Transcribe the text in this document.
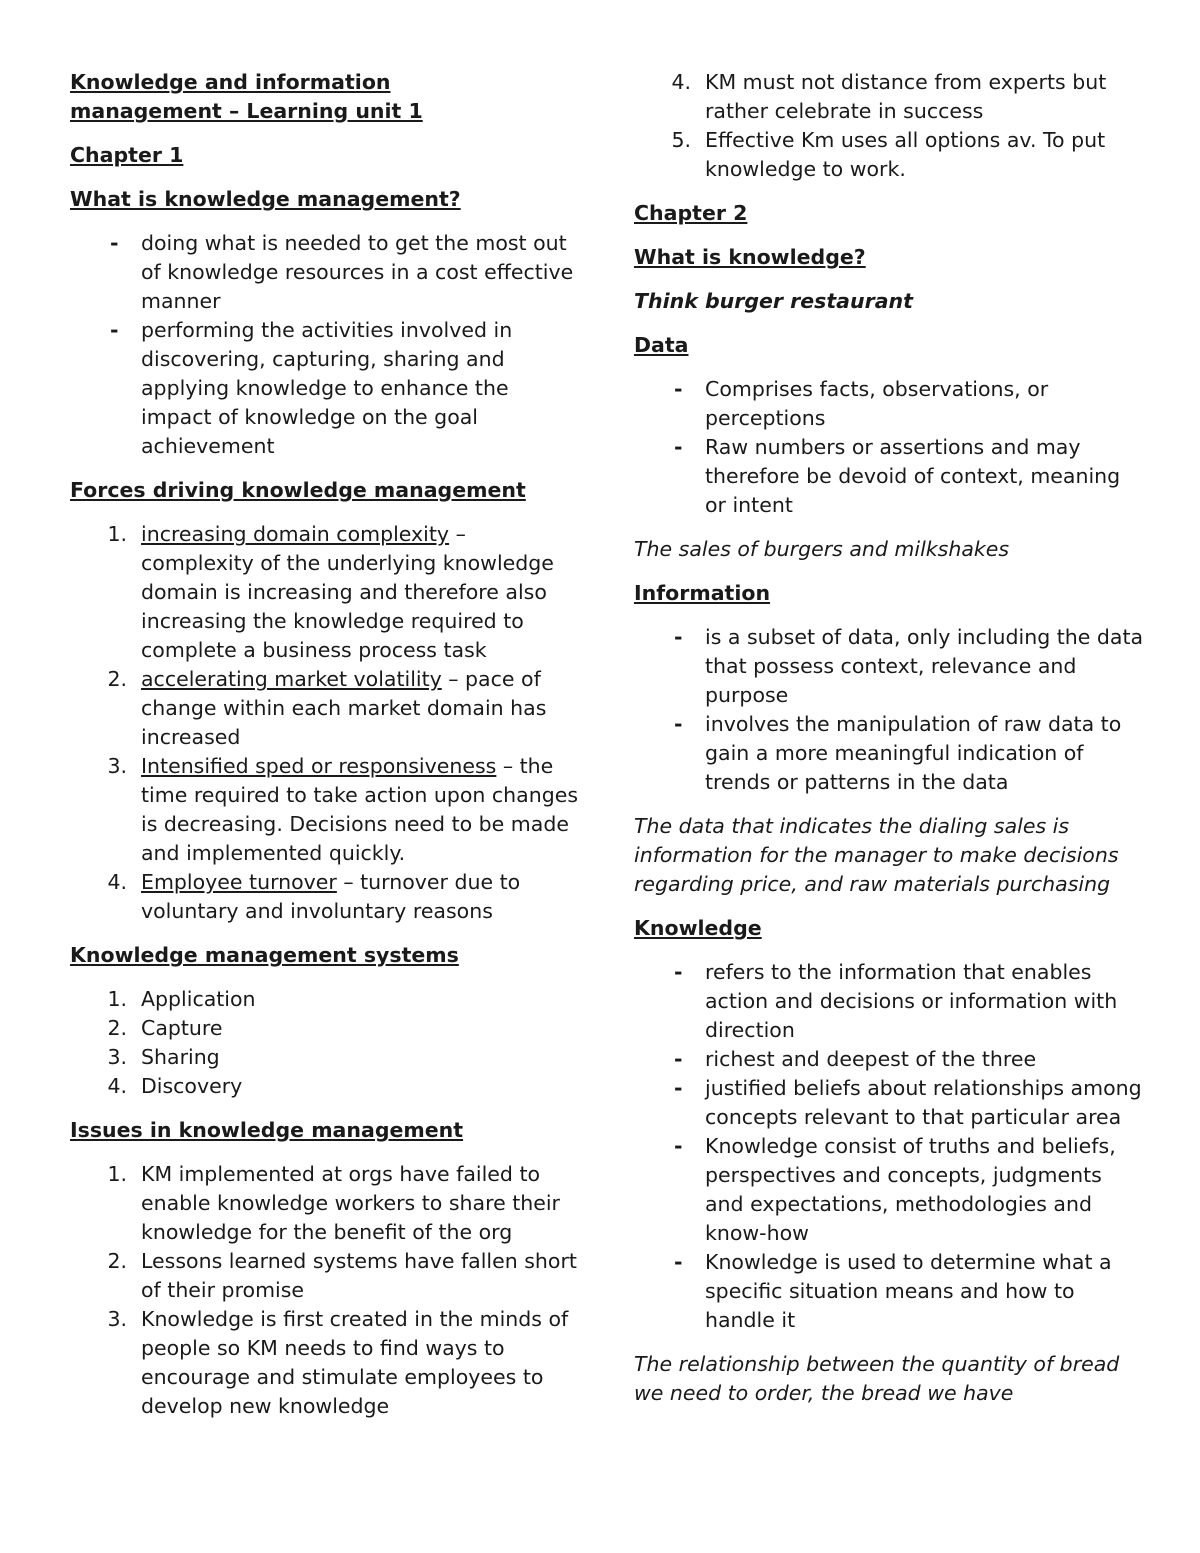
Knowledge and information
management – Learning unit 1
Chapter 1
What is knowledge management?
- doing what is needed to get the most out of knowledge resources in a cost effective manner
- performing the activities involved in discovering, capturing, sharing and applying knowledge to enhance the impact of knowledge on the goal achievement
Forces driving knowledge management
1. increasing domain complexity – complexity of the underlying knowledge domain is increasing and therefore also increasing the knowledge required to complete a business process task
2. accelerating market volatility – pace of change within each market domain has increased
3. Intensified sped or responsiveness – the time required to take action upon changes is decreasing. Decisions need to be made and implemented quickly.
4. Employee turnover – turnover due to voluntary and involuntary reasons
Knowledge management systems
1. Application
2. Capture
3. Sharing
4. Discovery
Issues in knowledge management
1. KM implemented at orgs have failed to enable knowledge workers to share their knowledge for the benefit of the org
2. Lessons learned systems have fallen short of their promise
3. Knowledge is first created in the minds of people so KM needs to find ways to encourage and stimulate employees to develop new knowledge
4. KM must not distance from experts but rather celebrate in success
5. Effective Km uses all options av. To put knowledge to work.
Chapter 2
What is knowledge?
Think burger restaurant
Data
- Comprises facts, observations, or perceptions
- Raw numbers or assertions and may therefore be devoid of context, meaning or intent
The sales of burgers and milkshakes
Information
- is a subset of data, only including the data that possess context, relevance and purpose
- involves the manipulation of raw data to gain a more meaningful indication of trends or patterns in the data
The data that indicates the dialing sales is information for the manager to make decisions regarding price, and raw materials purchasing
Knowledge
- refers to the information that enables action and decisions or information with direction
- richest and deepest of the three
- justified beliefs about relationships among concepts relevant to that particular area
- Knowledge consist of truths and beliefs, perspectives and concepts, judgments and expectations, methodologies and know-how
- Knowledge is used to determine what a specific situation means and how to handle it
The relationship between the quantity of bread we need to order, the bread we have
